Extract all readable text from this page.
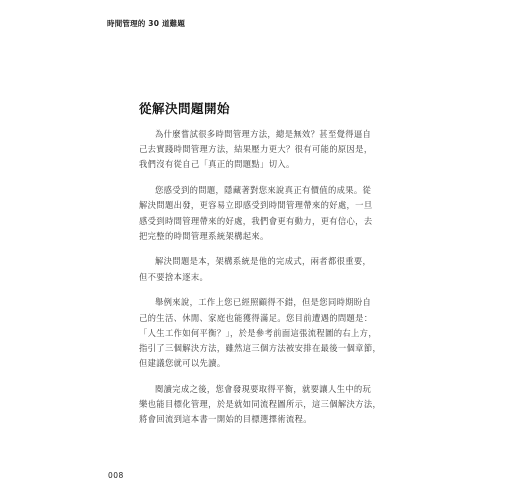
時間管理的 30 道難題
從解決問題開始

為什麼嘗試很多時間管理方法，總是無效？甚至覺得逼自
己去實踐時間管理方法，結果壓力更大？很有可能的原因是，
我們沒有從自己「真正的問題點」切入。

您感受到的問題，隱藏著對您來說真正有價值的成果。從
解決問題出發，更容易立即感受到時間管理帶來的好處，一旦
感受到時間管理帶來的好處，我們會更有動力，更有信心，去
把完整的時間管理系統架構起來。

解決問題是本，架構系統是他的完成式，兩者都很重要，
但不要捨本逐末。

舉例來說，工作上您已經照顧得不錯，但是您同時期盼自
己的生活、休閒、家庭也能獲得滿足。您目前遭遇的問題是：
「人生工作如何平衡？」，於是參考前面這張流程圖的右上方，
指引了三個解決方法，雖然這三個方法被安排在最後一個章節，
但建議您就可以先讀。

閱讀完成之後，您會發現要取得平衡，就要讓人生中的玩
樂也能目標化管理，於是就如同流程圖所示，這三個解決方法，
將會回流到這本書一開始的目標選擇術流程。

008
